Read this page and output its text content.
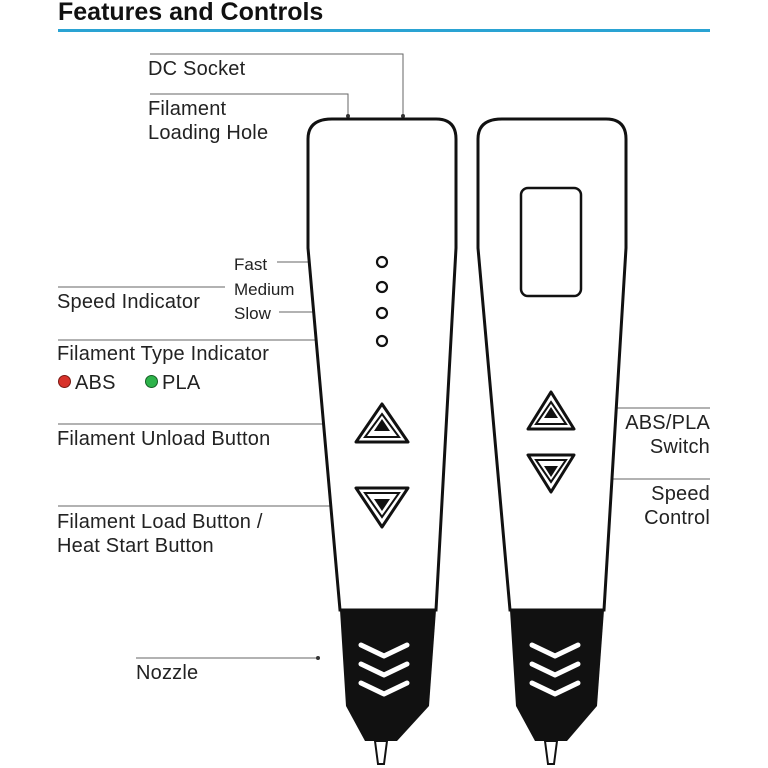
Features and Controls
DC Socket
Filament
Loading Hole
Fast
Medium
Slow
Speed Indicator
Filament Type Indicator
ABS	PLA
Filament Unload Button
Filament Load Button /
Heat Start Button
Nozzle
ABS/PLA
Switch
Speed
Control
